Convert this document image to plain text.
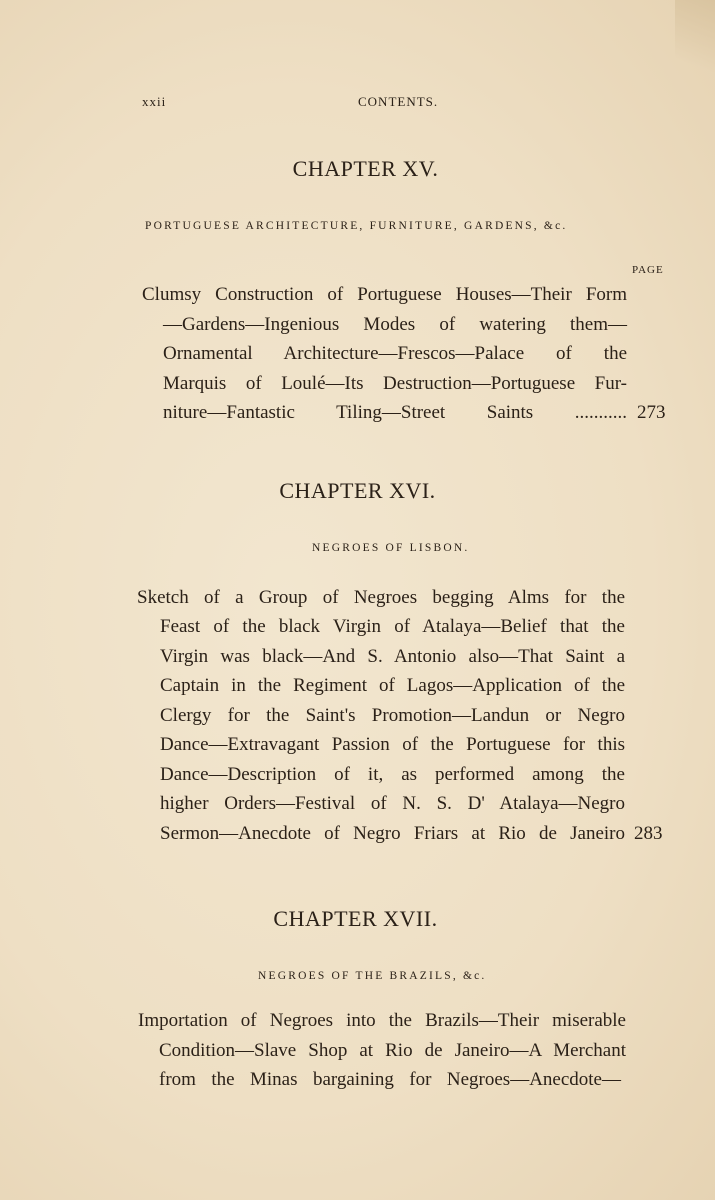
xxii	CONTENTS.
CHAPTER XV.
PORTUGUESE ARCHITECTURE, FURNITURE, GARDENS, &c.
PAGE
Clumsy Construction of Portuguese Houses—Their Form
—Gardens—Ingenious Modes of watering them—
Ornamental Architecture—Frescos—Palace of the
Marquis of Loulé—Its Destruction—Portuguese Fur-
niture—Fantastic Tiling—Street Saints ........... 273
CHAPTER XVI.
NEGROES OF LISBON.
Sketch of a Group of Negroes begging Alms for the
Feast of the black Virgin of Atalaya—Belief that the
Virgin was black—And S. Antonio also—That Saint a
Captain in the Regiment of Lagos—Application of the
Clergy for the Saint's Promotion—Landun or Negro
Dance—Extravagant Passion of the Portuguese for this
Dance—Description of it, as performed among the
higher Orders—Festival of N. S. D' Atalaya—Negro
Sermon—Anecdote of Negro Friars at Rio de Janeiro 283
CHAPTER XVII.
NEGROES OF THE BRAZILS, &c.
Importation of Negroes into the Brazils—Their miserable
Condition—Slave Shop at Rio de Janeiro—A Merchant
from the Minas bargaining for Negroes—Anecdote—
